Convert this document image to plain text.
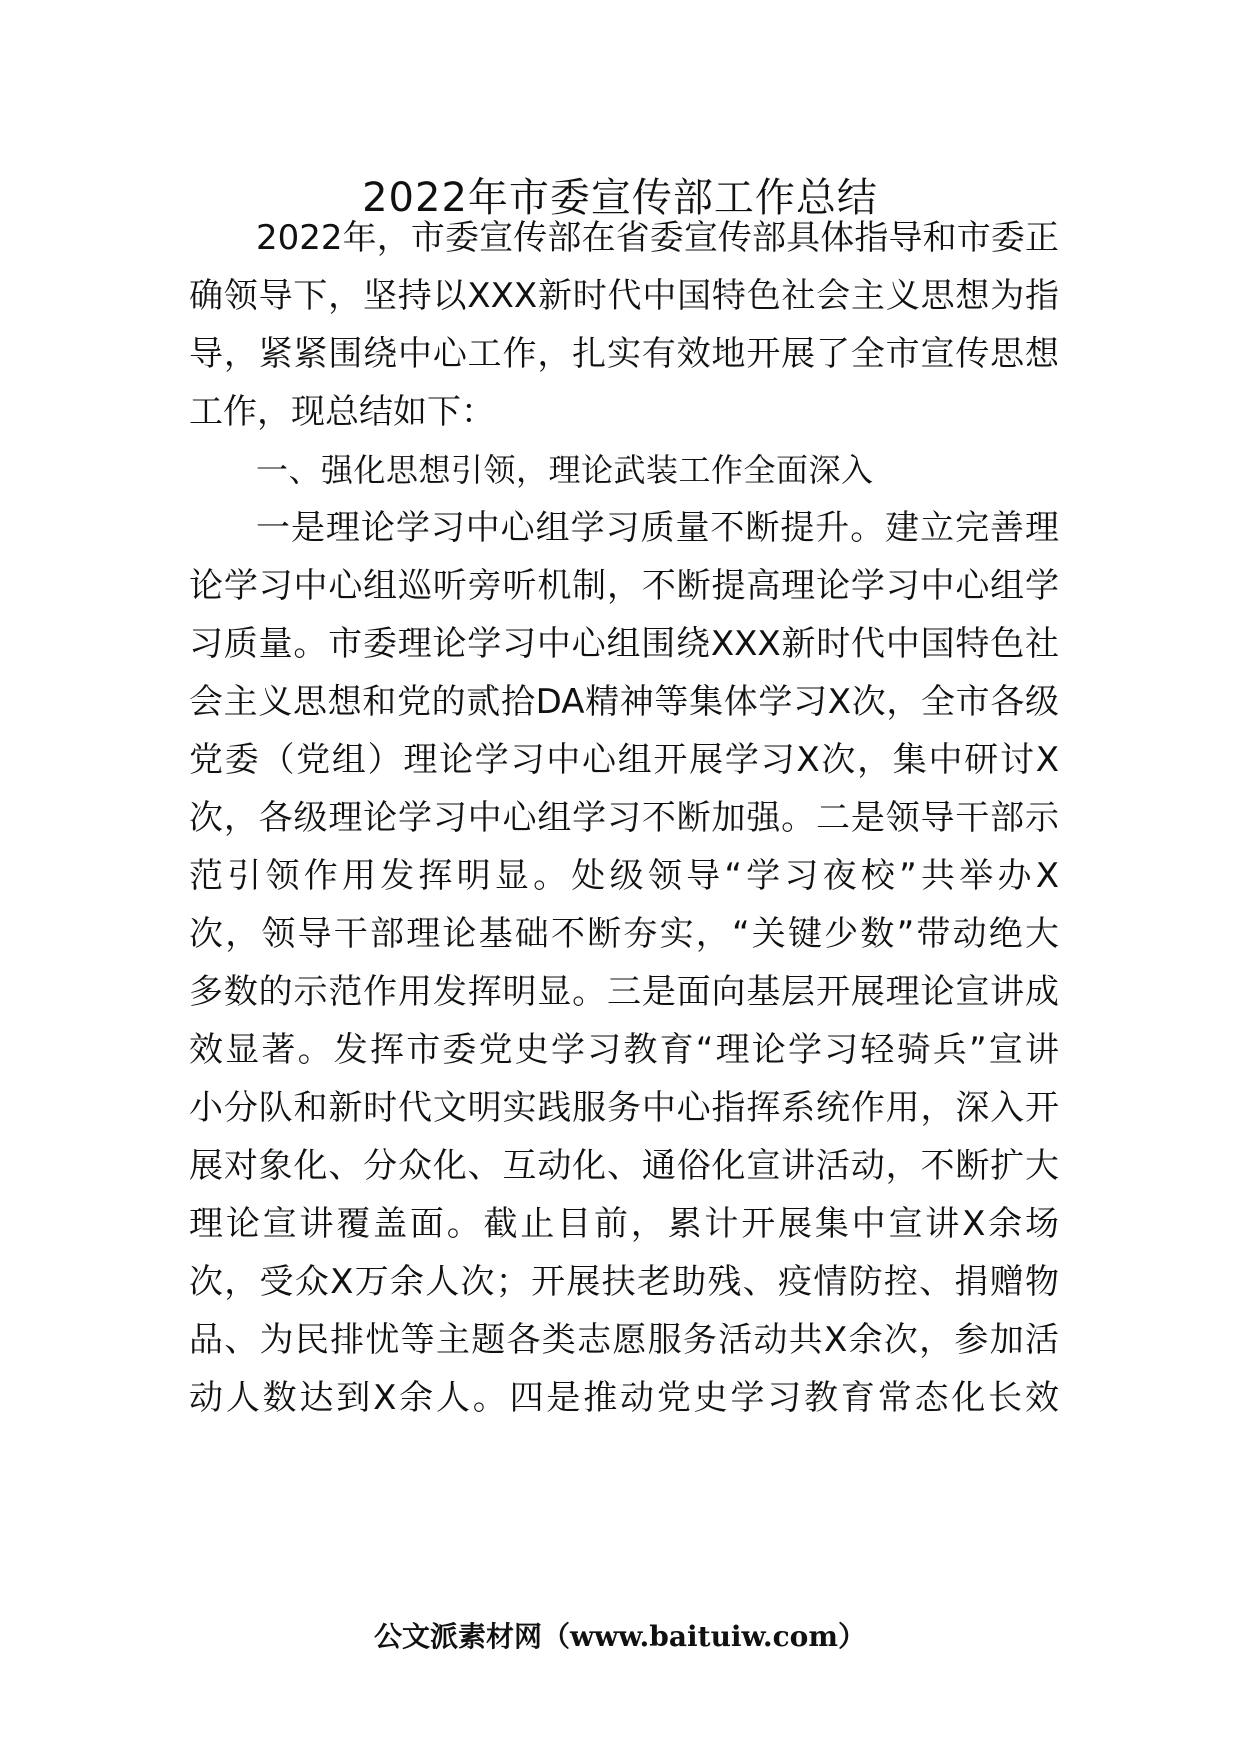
2022年市委宣传部工作总结
2022年，市委宣传部在省委宣传部具体指导和市委正
确领导下，坚持以XXX新时代中国特色社会主义思想为指
导，紧紧围绕中心工作，扎实有效地开展了全市宣传思想
工作，现总结如下：
一、强化思想引领，理论武装工作全面深入
一是理论学习中心组学习质量不断提升。建立完善理
论学习中心组巡听旁听机制，不断提高理论学习中心组学
习质量。市委理论学习中心组围绕XXX新时代中国特色社
会主义思想和党的贰拾DA精神等集体学习X次，全市各级
党委（党组）理论学习中心组开展学习X次，集中研讨X
次，各级理论学习中心组学习不断加强。二是领导干部示
范引领作用发挥明显。处级领导“学习夜校”共举办X
次，领导干部理论基础不断夯实，“关键少数”带动绝大
多数的示范作用发挥明显。三是面向基层开展理论宣讲成
效显著。发挥市委党史学习教育“理论学习轻骑兵”宣讲
小分队和新时代文明实践服务中心指挥系统作用，深入开
展对象化、分众化、互动化、通俗化宣讲活动，不断扩大
理论宣讲覆盖面。截止目前，累计开展集中宣讲X余场
次，受众X万余人次；开展扶老助残、疫情防控、捐赠物
品、为民排忧等主题各类志愿服务活动共X余次，参加活
动人数达到X余人。四是推动党史学习教育常态化长效
公文派素材网（www.baituiw.com）
